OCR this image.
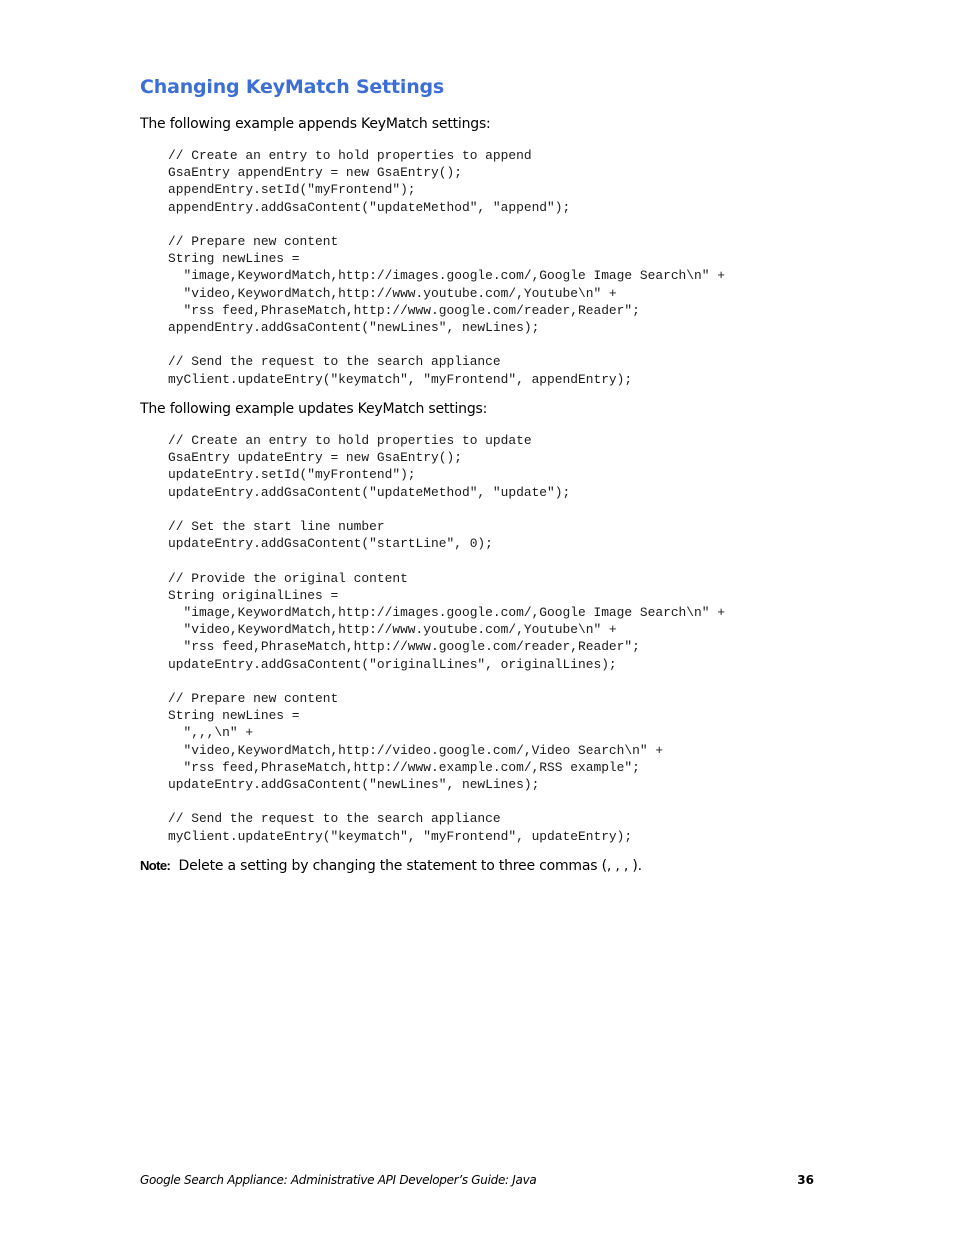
Changing KeyMatch Settings
The following example appends KeyMatch settings:
// Create an entry to hold properties to append
GsaEntry appendEntry = new GsaEntry();
appendEntry.setId("myFrontend");
appendEntry.addGsaContent("updateMethod", "append");

// Prepare new content
String newLines =
"image,KeywordMatch,http://images.google.com/,Google Image Search\n" +
"video,KeywordMatch,http://www.youtube.com/,Youtube\n" +
"rss feed,PhraseMatch,http://www.google.com/reader,Reader";
appendEntry.addGsaContent("newLines", newLines);

// Send the request to the search appliance
myClient.updateEntry("keymatch", "myFrontend", appendEntry);
The following example updates KeyMatch settings:
// Create an entry to hold properties to update
GsaEntry updateEntry = new GsaEntry();
updateEntry.setId("myFrontend");
updateEntry.addGsaContent("updateMethod", "update");

// Set the start line number
updateEntry.addGsaContent("startLine", 0);

// Provide the original content
String originalLines =
"image,KeywordMatch,http://images.google.com/,Google Image Search\n" +
"video,KeywordMatch,http://www.youtube.com/,Youtube\n" +
"rss feed,PhraseMatch,http://www.google.com/reader,Reader";
updateEntry.addGsaContent("originalLines", originalLines);

// Prepare new content
String newLines =
",,,\n" +
"video,KeywordMatch,http://video.google.com/,Video Search\n" +
"rss feed,PhraseMatch,http://www.example.com/,RSS example";
updateEntry.addGsaContent("newLines", newLines);

// Send the request to the search appliance
myClient.updateEntry("keymatch", "myFrontend", updateEntry);
Note: Delete a setting by changing the statement to three commas (, , , ).
Google Search Appliance: Administrative API Developer’s Guide: Java	36
